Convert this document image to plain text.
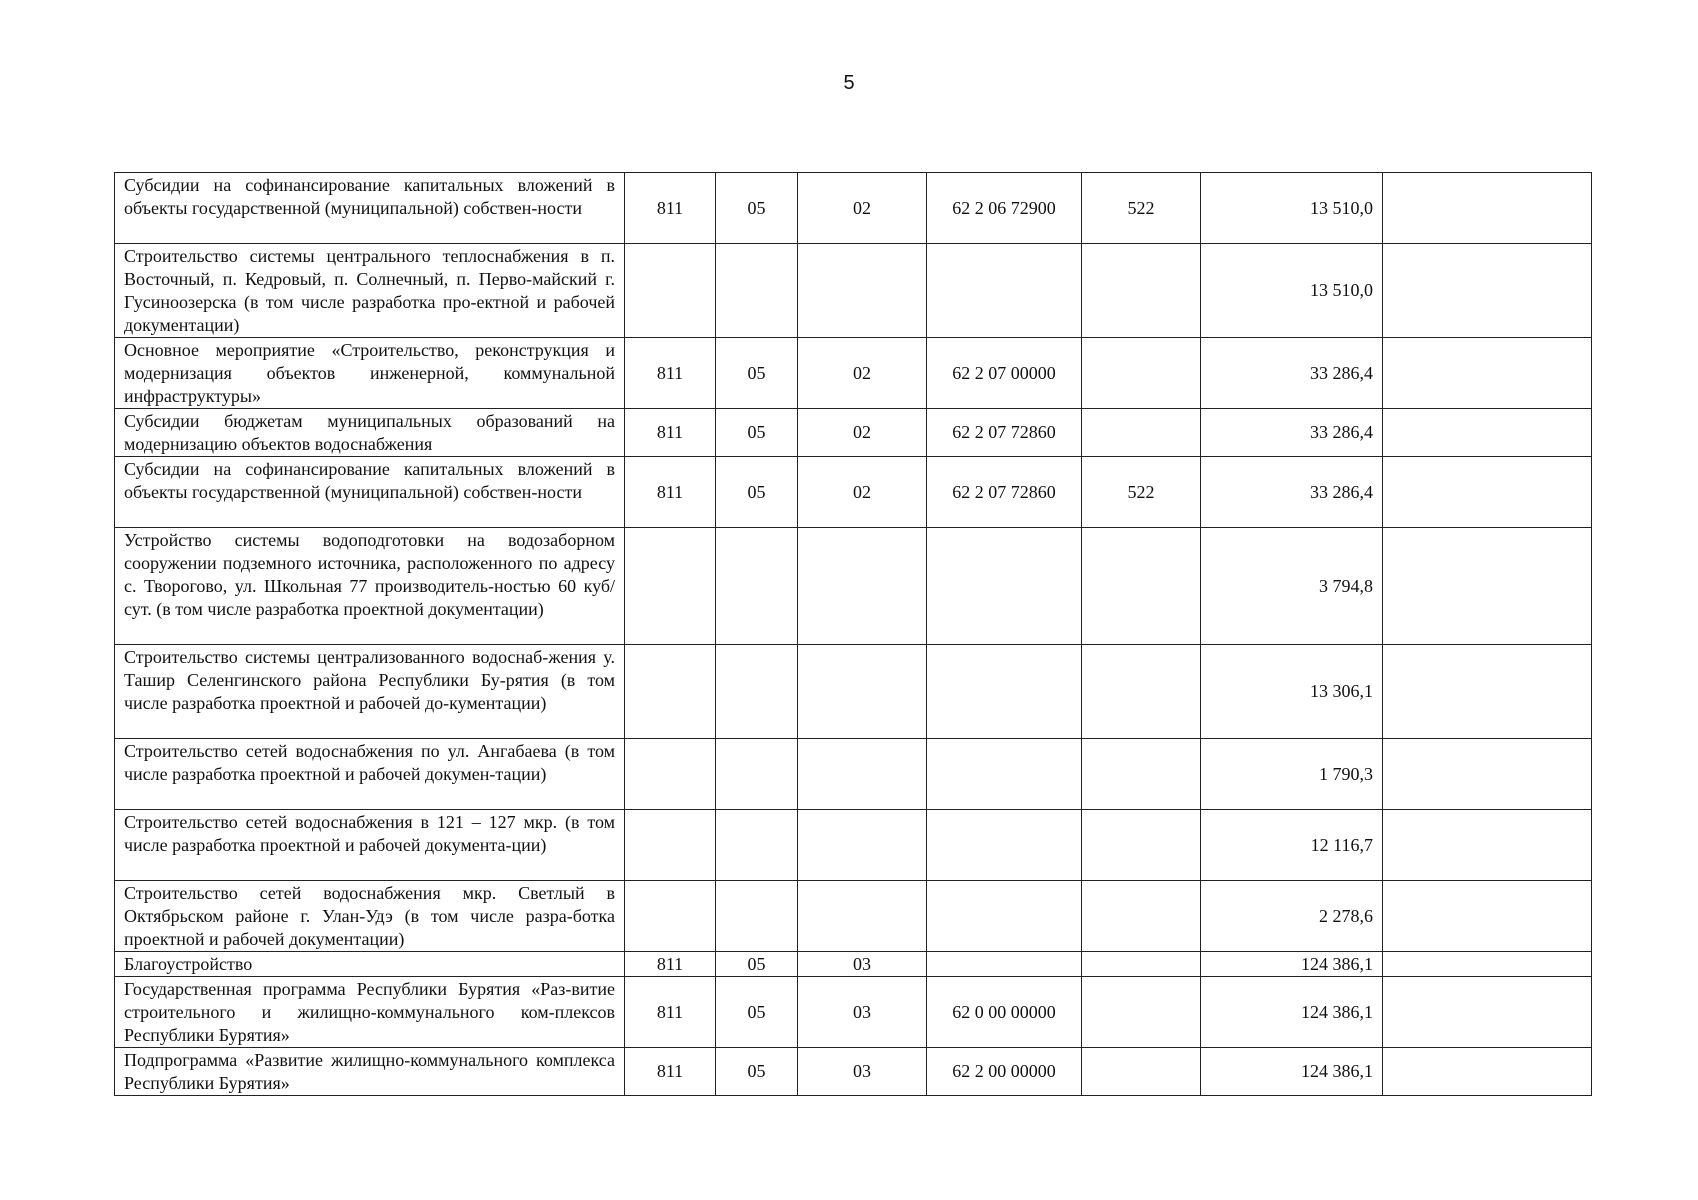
5
Субсидии на софинансирование капитальных вложений в объекты государственной (муниципальной) собствен-ности	811	05	02	62 2 06 72900	522	13 510,0	
Строительство системы центрального теплоснабжения в п. Восточный, п. Кедровый, п. Солнечный, п. Перво-майский г. Гусиноозерска (в том числе разработка про-ектной и рабочей документации)						13 510,0	
Основное мероприятие «Строительство, реконструкция и модернизация объектов инженерной, коммунальной инфраструктуры»	811	05	02	62 2 07 00000		33 286,4	
Субсидии бюджетам муниципальных образований на модернизацию объектов водоснабжения	811	05	02	62 2 07 72860		33 286,4	
Субсидии на софинансирование капитальных вложений в объекты государственной (муниципальной) собствен-ности	811	05	02	62 2 07 72860	522	33 286,4	
Устройство системы водоподготовки на водозаборном сооружении подземного источника, расположенного по адресу с. Творогово, ул. Школьная 77 производитель-ностью 60 куб/сут. (в том числе разработка проектной документации)						3 794,8	
Строительство системы централизованного водоснаб-жения у. Ташир Селенгинского района Республики Бу-рятия (в том числе разработка проектной и рабочей до-кументации)						13 306,1	
Строительство сетей водоснабжения по ул. Ангабаева (в том числе разработка проектной и рабочей докумен-тации)						1 790,3	
Строительство сетей водоснабжения в 121 – 127 мкр. (в том числе разработка проектной и рабочей документа-ции)						12 116,7	
Строительство сетей водоснабжения мкр. Светлый в Октябрьском районе г. Улан-Удэ (в том числе разра-ботка проектной и рабочей документации)						2 278,6	
Благоустройство	811	05	03			124 386,1	
Государственная программа Республики Бурятия «Раз-витие строительного и жилищно-коммунального ком-плексов Республики Бурятия»	811	05	03	62 0 00 00000		124 386,1	
Подпрограмма «Развитие жилищно-коммунального комплекса Республики Бурятия»	811	05	03	62 2 00 00000		124 386,1	
